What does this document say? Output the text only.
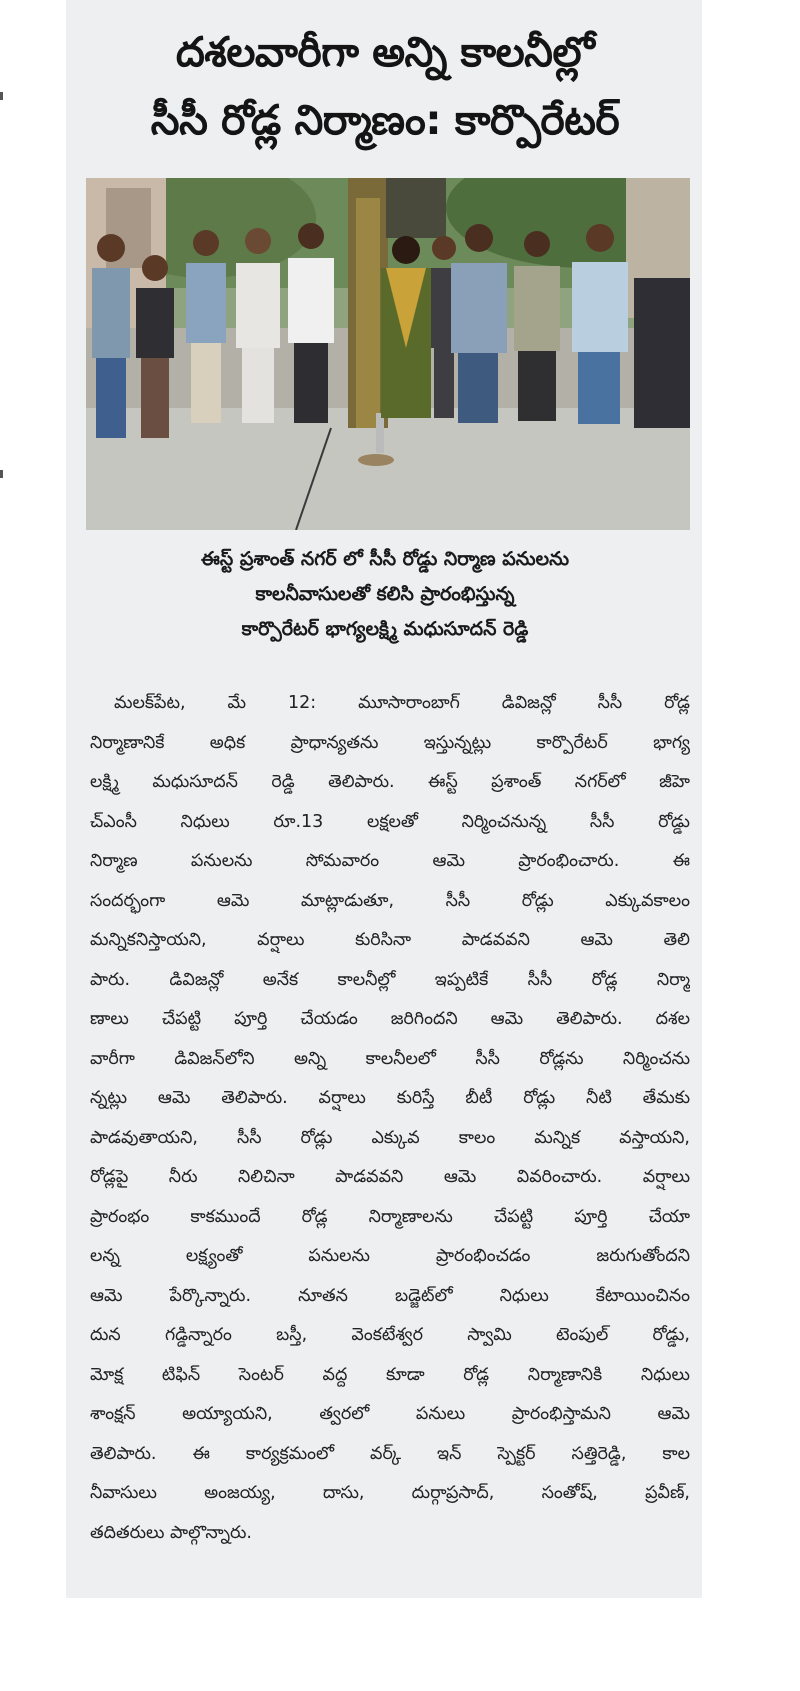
దశలవారీగా అన్ని కాలనీల్లో
సీసీ రోడ్ల నిర్మాణం: కార్పొరేటర్
ఈస్ట్ ప్రశాంత్ నగర్ లో సీసీ రోడ్డు నిర్మాణ పనులను
కాలనీవాసులతో కలిసి ప్రారంభిస్తున్న
కార్పొరేటర్ భాగ్యలక్ష్మి మధుసూదన్ రెడ్డి
మలక్‌పేట, మే 12: మూసారాంబాగ్ డివిజన్లో సీసీ రోడ్ల
నిర్మాణానికే అధిక ప్రాధాన్యతను ఇస్తున్నట్లు కార్పొరేటర్ భాగ్య
లక్ష్మి మధుసూదన్ రెడ్డి తెలిపారు. ఈస్ట్ ప్రశాంత్ నగర్‌లో జీహె
చ్ఎంసీ నిధులు రూ.13 లక్షలతో నిర్మించనున్న సీసీ రోడ్డు
నిర్మాణ పనులను సోమవారం ఆమె ప్రారంభించారు. ఈ
సందర్భంగా ఆమె మాట్లాడుతూ, సీసీ రోడ్లు ఎక్కువకాలం
మన్నికనిస్తాయని, వర్షాలు కురిసినా పాడవవని ఆమె తెలి
పారు. డివిజన్లో అనేక కాలనీల్లో ఇప్పటికే సీసీ రోడ్ల నిర్మా
ణాలు చేపట్టి పూర్తి చేయడం జరిగిందని ఆమె తెలిపారు. దశల
వారీగా డివిజన్‌లోని అన్ని కాలనీలలో సీసీ రోడ్లను నిర్మించను
న్నట్లు ఆమె తెలిపారు. వర్షాలు కురిస్తే బీటీ రోడ్లు నీటి తేమకు
పాడవుతాయని, సీసీ రోడ్లు ఎక్కువ కాలం మన్నిక వస్తాయని,
రోడ్లపై నీరు నిలిచినా పాడవవని ఆమె వివరించారు. వర్షాలు
ప్రారంభం కాకముందే రోడ్ల నిర్మాణాలను చేపట్టి పూర్తి చేయా
లన్న లక్ష్యంతో పనులను ప్రారంభించడం జరుగుతోందని
ఆమె పేర్కొన్నారు. నూతన బడ్జెట్‌లో నిధులు కేటాయించినం
దున గడ్డిన్నారం బస్తీ, వెంకటేశ్వర స్వామి టెంపుల్ రోడ్డు,
మోక్ష టిఫిన్ సెంటర్ వద్ద కూడా రోడ్ల నిర్మాణానికి నిధులు
శాంక్షన్ అయ్యాయని, త్వరలో పనులు ప్రారంభిస్తామని ఆమె
తెలిపారు. ఈ కార్యక్రమంలో వర్క్ ఇన్ స్పెక్టర్ సత్తిరెడ్డి, కాల
నీవాసులు అంజయ్య, దాసు, దుర్గాప్రసాద్, సంతోష్, ప్రవీణ్,
తదితరులు పాల్గొన్నారు.
